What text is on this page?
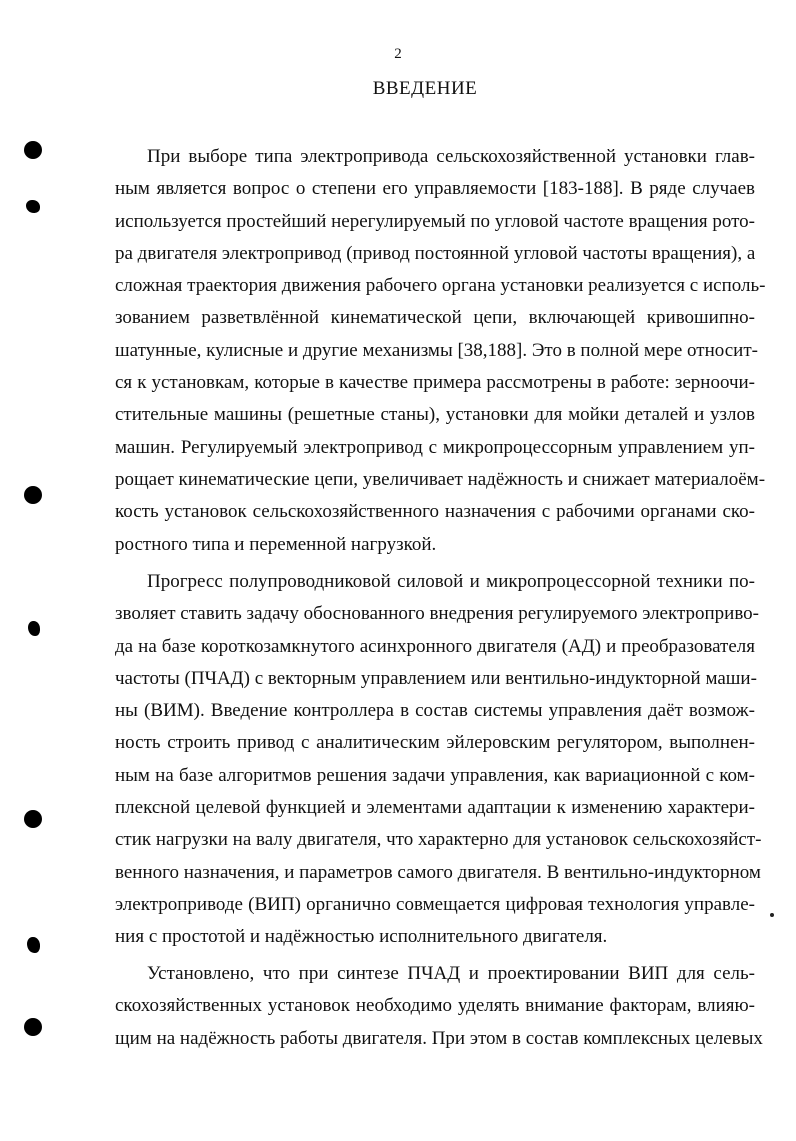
2
ВВЕДЕНИЕ
При выборе типа электропривода сельскохозяйственной установки глав-
ным является вопрос о степени его управляемости [183-188]. В ряде случаев
используется простейший нерегулируемый по угловой частоте вращения рото-
ра двигателя электропривод (привод постоянной угловой частоты вращения), а
сложная траектория движения рабочего органа установки реализуется с исполь-
зованием разветвлённой кинематической цепи, включающей кривошипно-
шатунные, кулисные и другие механизмы [38,188]. Это в полной мере относит-
ся к установкам, которые в качестве примера рассмотрены в работе: зерноочи-
стительные машины (решетные станы), установки для мойки деталей и узлов
машин. Регулируемый электропривод с микропроцессорным управлением уп-
рощает кинематические цепи, увеличивает надёжность и снижает материалоём-
кость установок сельскохозяйственного назначения с рабочими органами ско-
ростного типа и переменной нагрузкой.
Прогресс полупроводниковой силовой и микропроцессорной техники по-
зволяет ставить задачу обоснованного внедрения регулируемого электроприво-
да на базе короткозамкнутого асинхронного двигателя (АД) и преобразователя
частоты (ПЧАД) с векторным управлением или вентильно-индукторной маши-
ны (ВИМ). Введение контроллера в состав системы управления даёт возмож-
ность строить привод с аналитическим эйлеровским регулятором, выполнен-
ным на базе алгоритмов решения задачи управления, как вариационной с ком-
плексной целевой функцией и элементами адаптации к изменению характери-
стик нагрузки на валу двигателя, что характерно для установок сельскохозяйст-
венного назначения, и параметров самого двигателя. В вентильно-индукторном
электроприводе (ВИП) органично совмещается цифровая технология управле-
ния с простотой и надёжностью исполнительного двигателя.
Установлено, что при синтезе ПЧАД и проектировании ВИП для сель-
скохозяйственных установок необходимо уделять внимание факторам, влияю-
щим на надёжность работы двигателя. При этом в состав комплексных целевых
